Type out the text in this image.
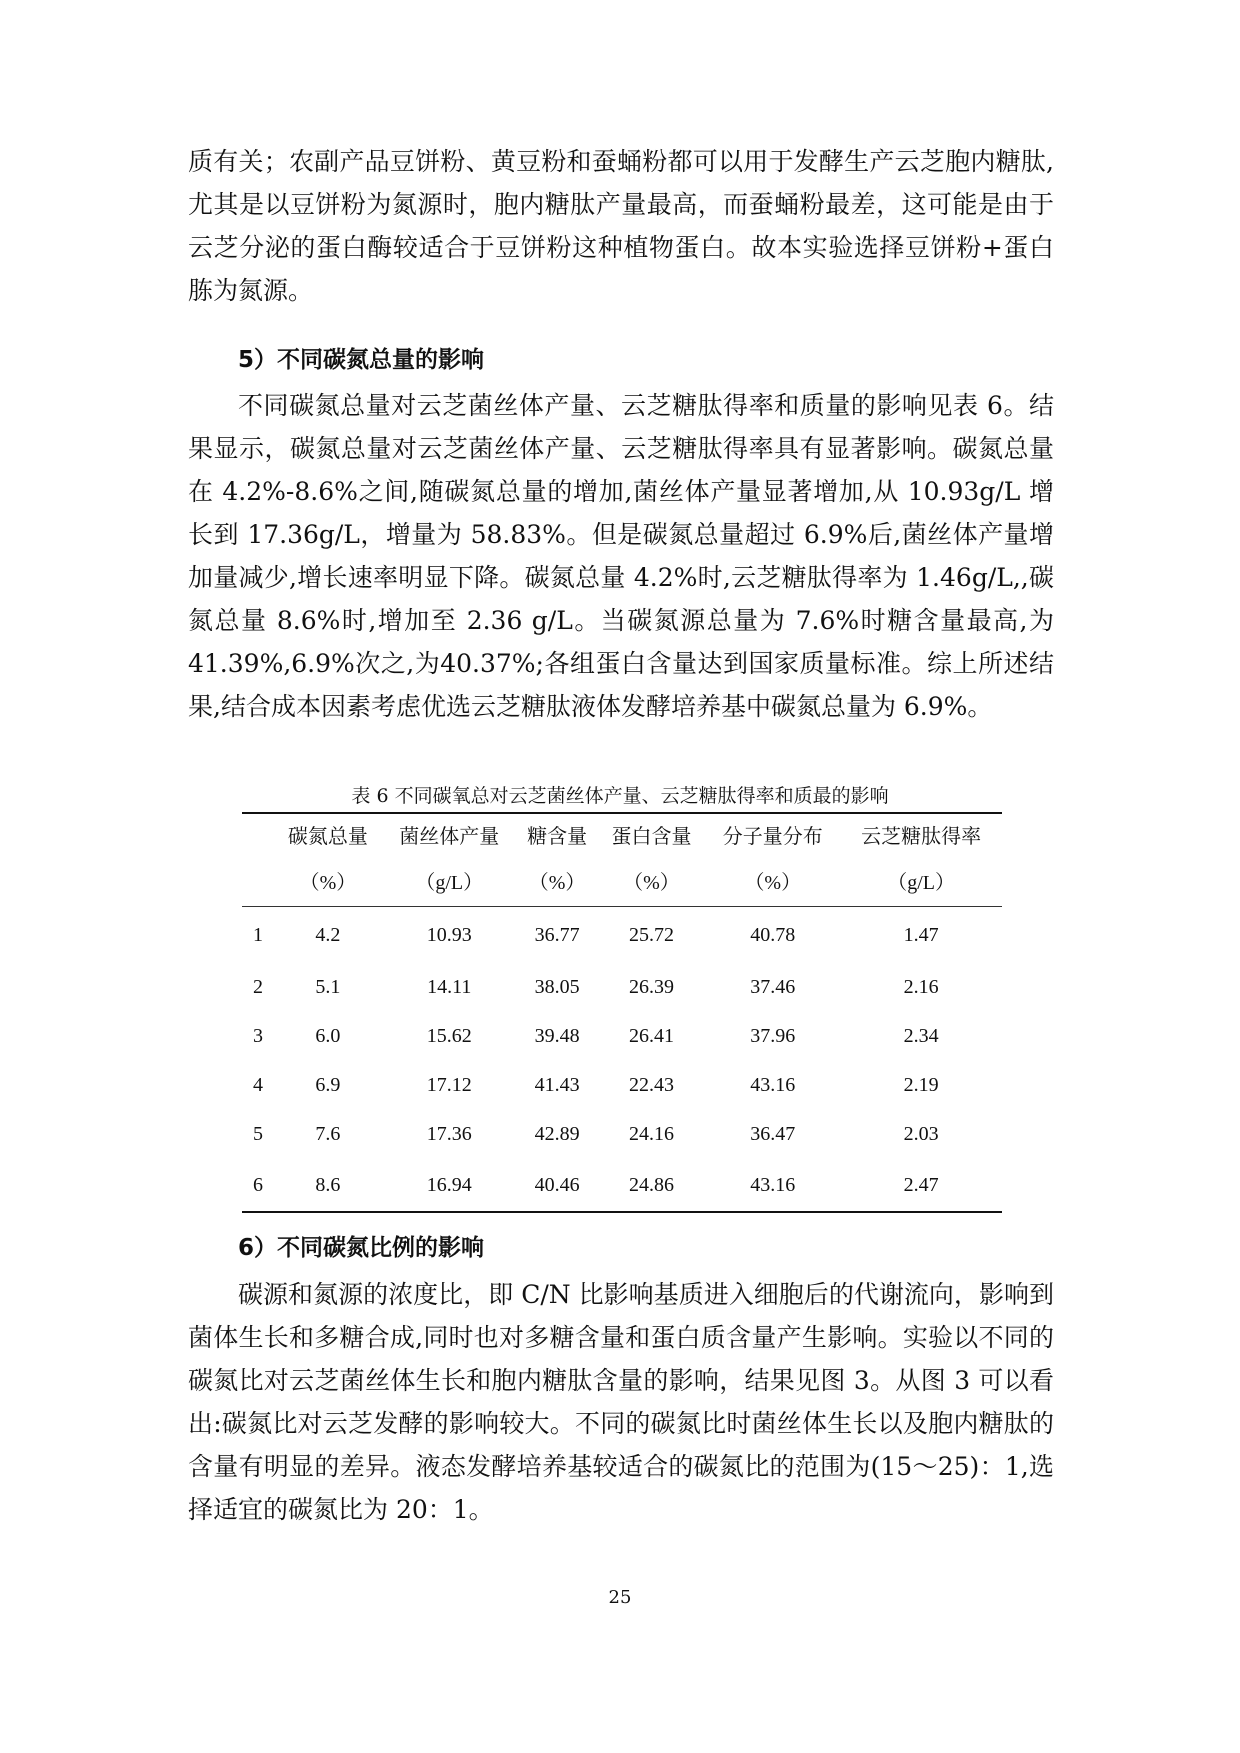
质有关；农副产品豆饼粉、黄豆粉和蚕蛹粉都可以用于发酵生产云芝胞内糖肽,尤其是以豆饼粉为氮源时，胞内糖肽产量最高，而蚕蛹粉最差，这可能是由于云芝分泌的蛋白酶较适合于豆饼粉这种植物蛋白。故本实验选择豆饼粉+蛋白胨为氮源。

5）不同碳氮总量的影响

不同碳氮总量对云芝菌丝体产量、云芝糖肽得率和质量的影响见表 6。结果显示，碳氮总量对云芝菌丝体产量、云芝糖肽得率具有显著影响。碳氮总量在 4.2%-8.6%之间,随碳氮总量的增加,菌丝体产量显著增加,从 10.93g/L 增长到 17.36g/L，增量为 58.83%。但是碳氮总量超过 6.9%后,菌丝体产量增加量减少,增长速率明显下降。碳氮总量 4.2%时,云芝糖肽得率为 1.46g/L,,碳氮总量 8.6%时,增加至 2.36 g/L。当碳氮源总量为 7.6%时糖含量最高,为 41.39%,6.9%次之,为40.37%;各组蛋白含量达到国家质量标准。综上所述结果,结合成本因素考虑优选云芝糖肽液体发酵培养基中碳氮总量为 6.9%。

表 6 不同碳氧总对云芝菌丝体产量、云芝糖肽得率和质最的影响

	碳氮总量	菌丝体产量	糖含量	蛋白含量	分子量分布	云芝糖肽得率
	（%）	（g/L）	（%）	（%）	（%）	（g/L）
1	4.2	10.93	36.77	25.72	40.78	1.47
2	5.1	14.11	38.05	26.39	37.46	2.16
3	6.0	15.62	39.48	26.41	37.96	2.34
4	6.9	17.12	41.43	22.43	43.16	2.19
5	7.6	17.36	42.89	24.16	36.47	2.03
6	8.6	16.94	40.46	24.86	43.16	2.47

6）不同碳氮比例的影响

碳源和氮源的浓度比，即 C/N 比影响基质进入细胞后的代谢流向，影响到菌体生长和多糖合成,同时也对多糖含量和蛋白质含量产生影响。实验以不同的碳氮比对云芝菌丝体生长和胞内糖肽含量的影响，结果见图 3。从图 3 可以看出:碳氮比对云芝发酵的影响较大。不同的碳氮比时菌丝体生长以及胞内糖肽的含量有明显的差异。液态发酵培养基较适合的碳氮比的范围为(15～25)：1,选择适宜的碳氮比为 20：1。

25
